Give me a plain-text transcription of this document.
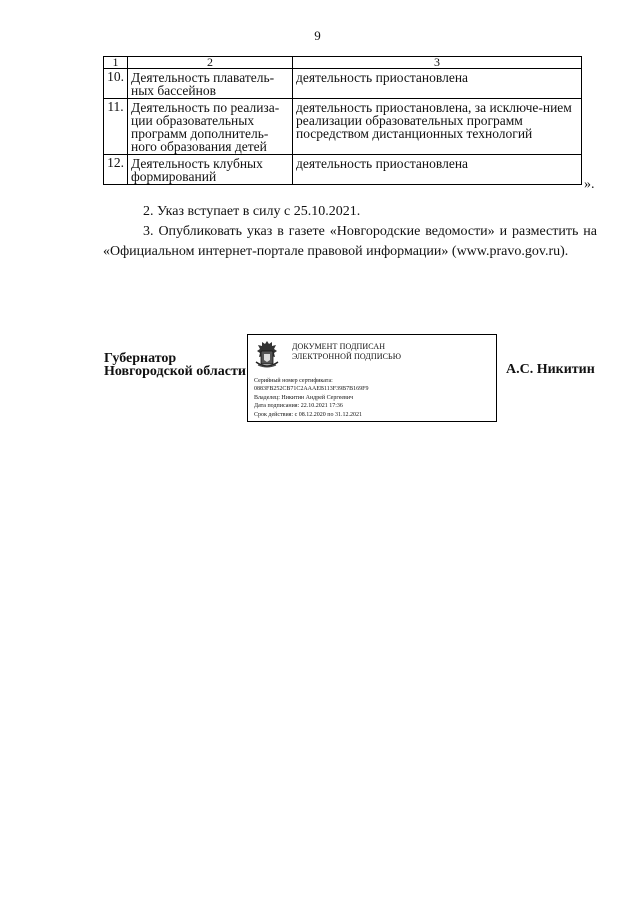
9
1	2	3
10.	Деятельность плаватель-ных бассейнов	деятельность приостановлена
11.	Деятельность по реализа-ции образовательных программ дополнитель-ного образования детей	деятельность приостановлена, за исключе-нием реализации образовательных программ посредством дистанционных технологий
12.	Деятельность клубных формирований	деятельность приостановлена
».
2. Указ вступает в силу с 25.10.2021.
3. Опубликовать указ в газете «Новгородские ведомости» и разместить на «Официальном интернет-портале правовой информации» (www.pravo.gov.ru).
Губернатор
Новгородской области
ДОКУМЕНТ ПОДПИСАН
ЭЛЕКТРОННОЙ ПОДПИСЬЮ
Серийный номер сертификата:
0883FB252CB71C2AAAEB113F39B7B169F9
Владелец: Никитин Андрей Сергеевич
Дата подписания: 22.10.2021 17:36
Срок действия: с 08.12.2020 по 31.12.2021
А.С. Никитин
